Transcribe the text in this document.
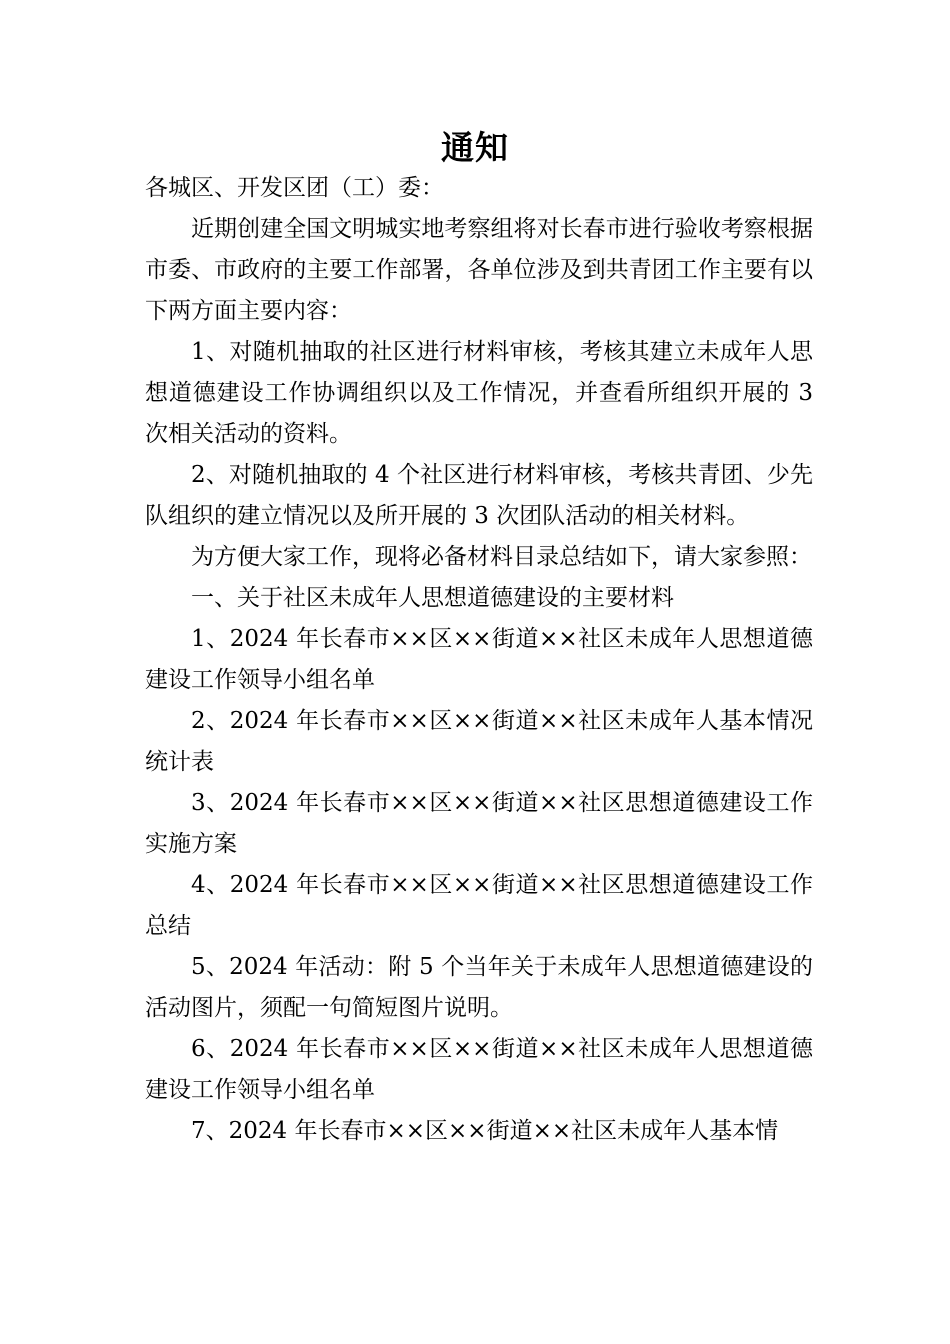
通知

各城区、开发区团（工）委：

近期创建全国文明城实地考察组将对长春市进行验收考察根据市委、市政府的主要工作部署，各单位涉及到共青团工作主要有以下两方面主要内容：

1、对随机抽取的社区进行材料审核，考核其建立未成年人思想道德建设工作协调组织以及工作情况，并查看所组织开展的 3 次相关活动的资料。

2、对随机抽取的 4 个社区进行材料审核，考核共青团、少先队组织的建立情况以及所开展的 3 次团队活动的相关材料。

为方便大家工作，现将必备材料目录总结如下，请大家参照：

一、关于社区未成年人思想道德建设的主要材料

1、2024 年长春市××区××街道××社区未成年人思想道德建设工作领导小组名单

2、2024 年长春市××区××街道××社区未成年人基本情况统计表

3、2024 年长春市××区××街道××社区思想道德建设工作实施方案

4、2024 年长春市××区××街道××社区思想道德建设工作总结

5、2024 年活动：附 5 个当年关于未成年人思想道德建设的活动图片，须配一句简短图片说明。

6、2024 年长春市××区××街道××社区未成年人思想道德建设工作领导小组名单

7、2024 年长春市××区××街道××社区未成年人基本情
